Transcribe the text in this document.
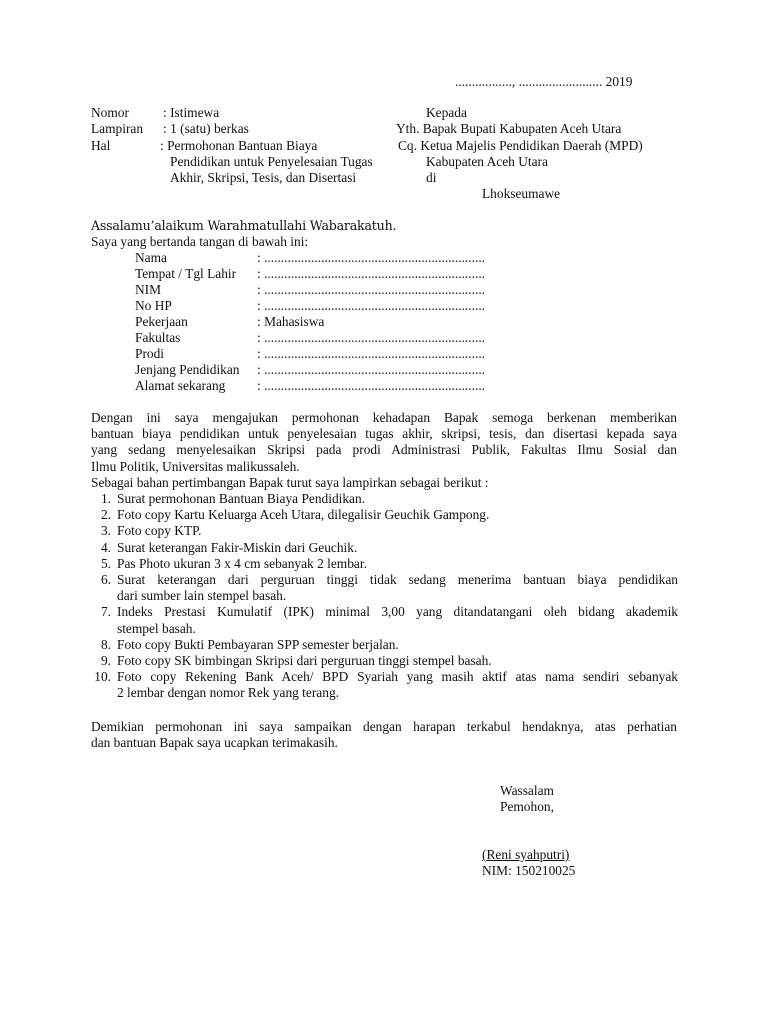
................., ......................... 2019
Nomor	: Istimewa
Lampiran : 1 (satu) berkas
Hal	: Permohonan Bantuan Biaya
Pendidikan untuk Penyelesaian Tugas
Akhir, Skripsi, Tesis, dan Disertasi
Kepada
Yth. Bapak Bupati Kabupaten Aceh Utara
Cq. Ketua Majelis Pendidikan Daerah (MPD)
Kabupaten Aceh Utara
di
Lhokseumawe
Assalamu’alaikum Warahmatullahi Wabarakatuh.
Saya yang bertanda tangan di bawah ini:
Nama	: ..................................................................
Tempat / Tgl Lahir : ..................................................................
NIM	: ..................................................................
No HP	: ..................................................................
Pekerjaan	: Mahasiswa
Fakultas	: ..................................................................
Prodi	: ..................................................................
Jenjang Pendidikan : ..................................................................
Alamat sekarang : ..................................................................
Dengan ini saya mengajukan permohonan kehadapan Bapak semoga berkenan memberikan
bantuan biaya pendidikan untuk penyelesaian tugas akhir, skripsi, tesis, dan disertasi kepada saya
yang sedang menyelesaikan Skripsi pada prodi Administrasi Publik, Fakultas Ilmu Sosial dan
Ilmu Politik, Universitas malikussaleh.
Sebagai bahan pertimbangan Bapak turut saya lampirkan sebagai berikut :
1. Surat permohonan Bantuan Biaya Pendidikan.
2. Foto copy Kartu Keluarga Aceh Utara, dilegalisir Geuchik Gampong.
3. Foto copy KTP.
4. Surat keterangan Fakir-Miskin dari Geuchik.
5. Pas Photo ukuran 3 x 4 cm sebanyak 2 lembar.
6. Surat keterangan dari perguruan tinggi tidak sedang menerima bantuan biaya pendidikan
dari sumber lain stempel basah.
7. Indeks Prestasi Kumulatif (IPK) minimal 3,00 yang ditandatangani oleh bidang akademik
stempel basah.
8. Foto copy Bukti Pembayaran SPP semester berjalan.
9. Foto copy SK bimbingan Skripsi dari perguruan tinggi stempel basah.
10. Foto copy Rekening Bank Aceh/ BPD Syariah yang masih aktif atas nama sendiri sebanyak
2 lembar dengan nomor Rek yang terang.
Demikian permohonan ini saya sampaikan dengan harapan terkabul hendaknya, atas perhatian
dan bantuan Bapak saya ucapkan terimakasih.
Wassalam
Pemohon,
(Reni syahputri)
NIM: 150210025
